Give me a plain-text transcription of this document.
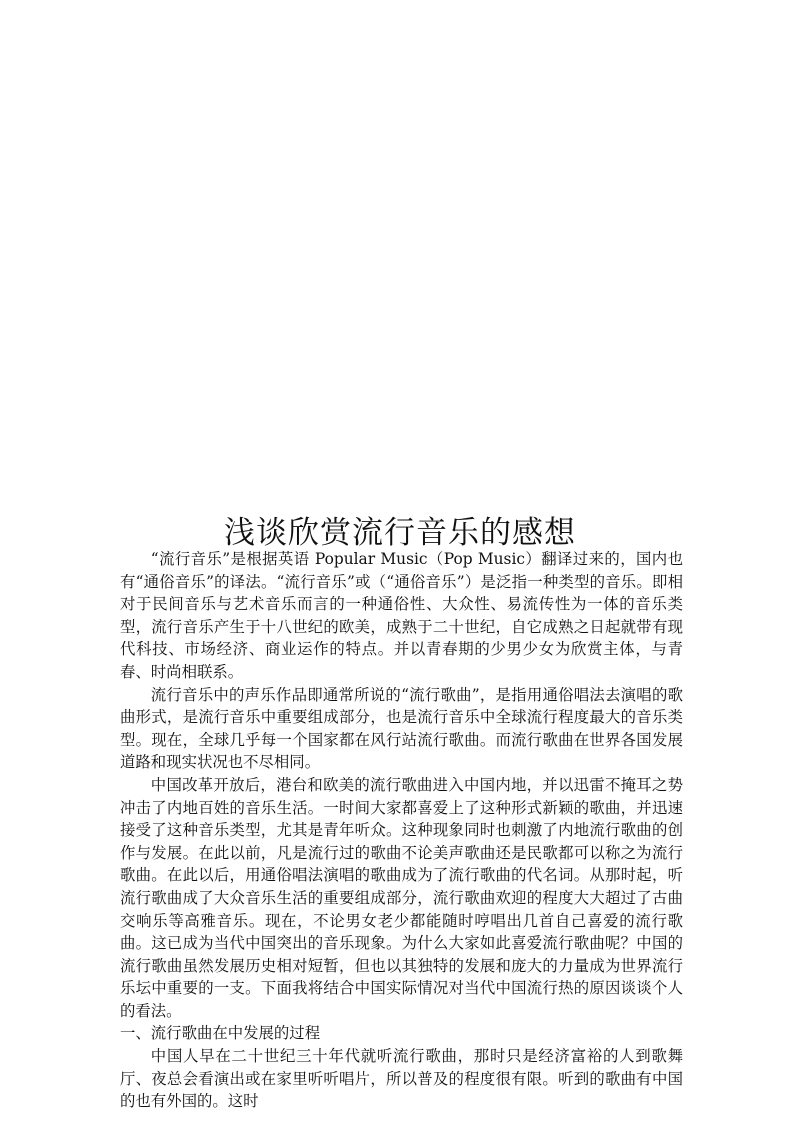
浅谈欣赏流行音乐的感想

“流行音乐”是根据英语 Popular Music（Pop Music）翻译过来的，国内也有“通俗音乐”的译法。“流行音乐”或（“通俗音乐”）是泛指一种类型的音乐。即相对于民间音乐与艺术音乐而言的一种通俗性、大众性、易流传性为一体的音乐类型，流行音乐产生于十八世纪的欧美，成熟于二十世纪，自它成熟之日起就带有现代科技、市场经济、商业运作的特点。并以青春期的少男少女为欣赏主体，与青春、时尚相联系。

流行音乐中的声乐作品即通常所说的“流行歌曲”，是指用通俗唱法去演唱的歌曲形式，是流行音乐中重要组成部分，也是流行音乐中全球流行程度最大的音乐类型。现在，全球几乎每一个国家都在风行站流行歌曲。而流行歌曲在世界各国发展道路和现实状况也不尽相同。

中国改革开放后，港台和欧美的流行歌曲进入中国内地，并以迅雷不掩耳之势冲击了内地百姓的音乐生活。一时间大家都喜爱上了这种形式新颖的歌曲，并迅速接受了这种音乐类型，尤其是青年听众。这种现象同时也刺激了内地流行歌曲的创作与发展。在此以前，凡是流行过的歌曲不论美声歌曲还是民歌都可以称之为流行歌曲。在此以后，用通俗唱法演唱的歌曲成为了流行歌曲的代名词。从那时起，听流行歌曲成了大众音乐生活的重要组成部分，流行歌曲欢迎的程度大大超过了古曲交响乐等高雅音乐。现在，不论男女老少都能随时哼唱出几首自己喜爱的流行歌曲。这已成为当代中国突出的音乐现象。为什么大家如此喜爱流行歌曲呢？中国的流行歌曲虽然发展历史相对短暂，但也以其独特的发展和庞大的力量成为世界流行乐坛中重要的一支。下面我将结合中国实际情况对当代中国流行热的原因谈谈个人的看法。

一、流行歌曲在中发展的过程

中国人早在二十世纪三十年代就听流行歌曲，那时只是经济富裕的人到歌舞厅、夜总会看演出或在家里听听唱片，所以普及的程度很有限。听到的歌曲有中国的也有外国的。这时
